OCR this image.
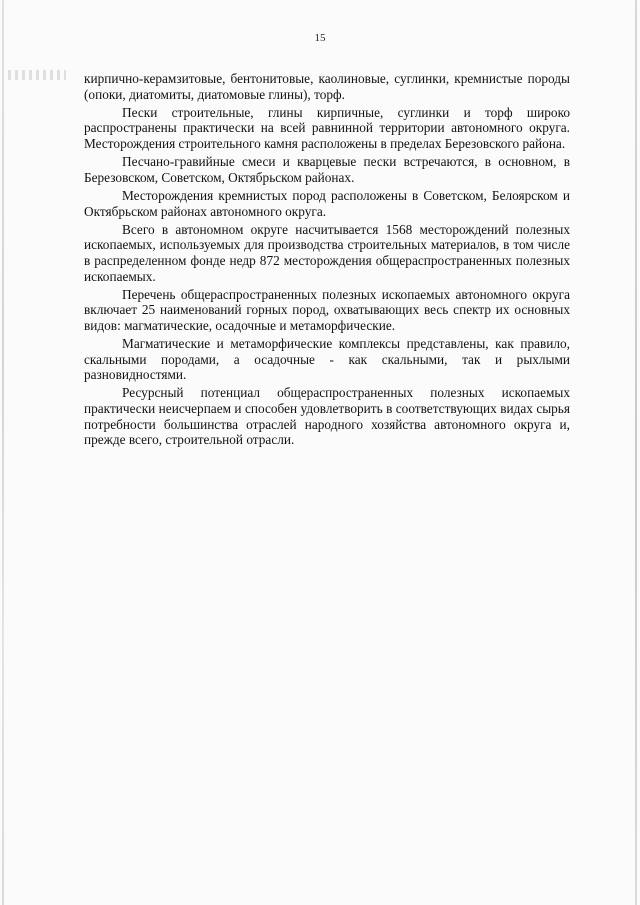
15

кирпично-керамзитовые, бентонитовые, каолиновые, суглинки, кремнистые породы (опоки, диатомиты, диатомовые глины), торф.

Пески строительные, глины кирпичные, суглинки и торф широко распространены практически на всей равнинной территории автономного округа. Месторождения строительного камня расположены в пределах Березовского района.

Песчано-гравийные смеси и кварцевые пески встречаются, в основном, в Березовском, Советском, Октябрьском районах.

Месторождения кремнистых пород расположены в Советском, Белоярском и Октябрьском районах автономного округа.

Всего в автономном округе насчитывается 1568 месторождений полезных ископаемых, используемых для производства строительных материалов, в том числе в распределенном фонде недр 872 месторождения общераспространенных полезных ископаемых.

Перечень общераспространенных полезных ископаемых автономного округа включает 25 наименований горных пород, охватывающих весь спектр их основных видов: магматические, осадочные и метаморфические.

Магматические и метаморфические комплексы представлены, как правило, скальными породами, а осадочные - как скальными, так и рыхлыми разновидностями.

Ресурсный потенциал общераспространенных полезных ископаемых практически неисчерпаем и способен удовлетворить в соответствующих видах сырья потребности большинства отраслей народного хозяйства автономного округа и, прежде всего, строительной отрасли.
